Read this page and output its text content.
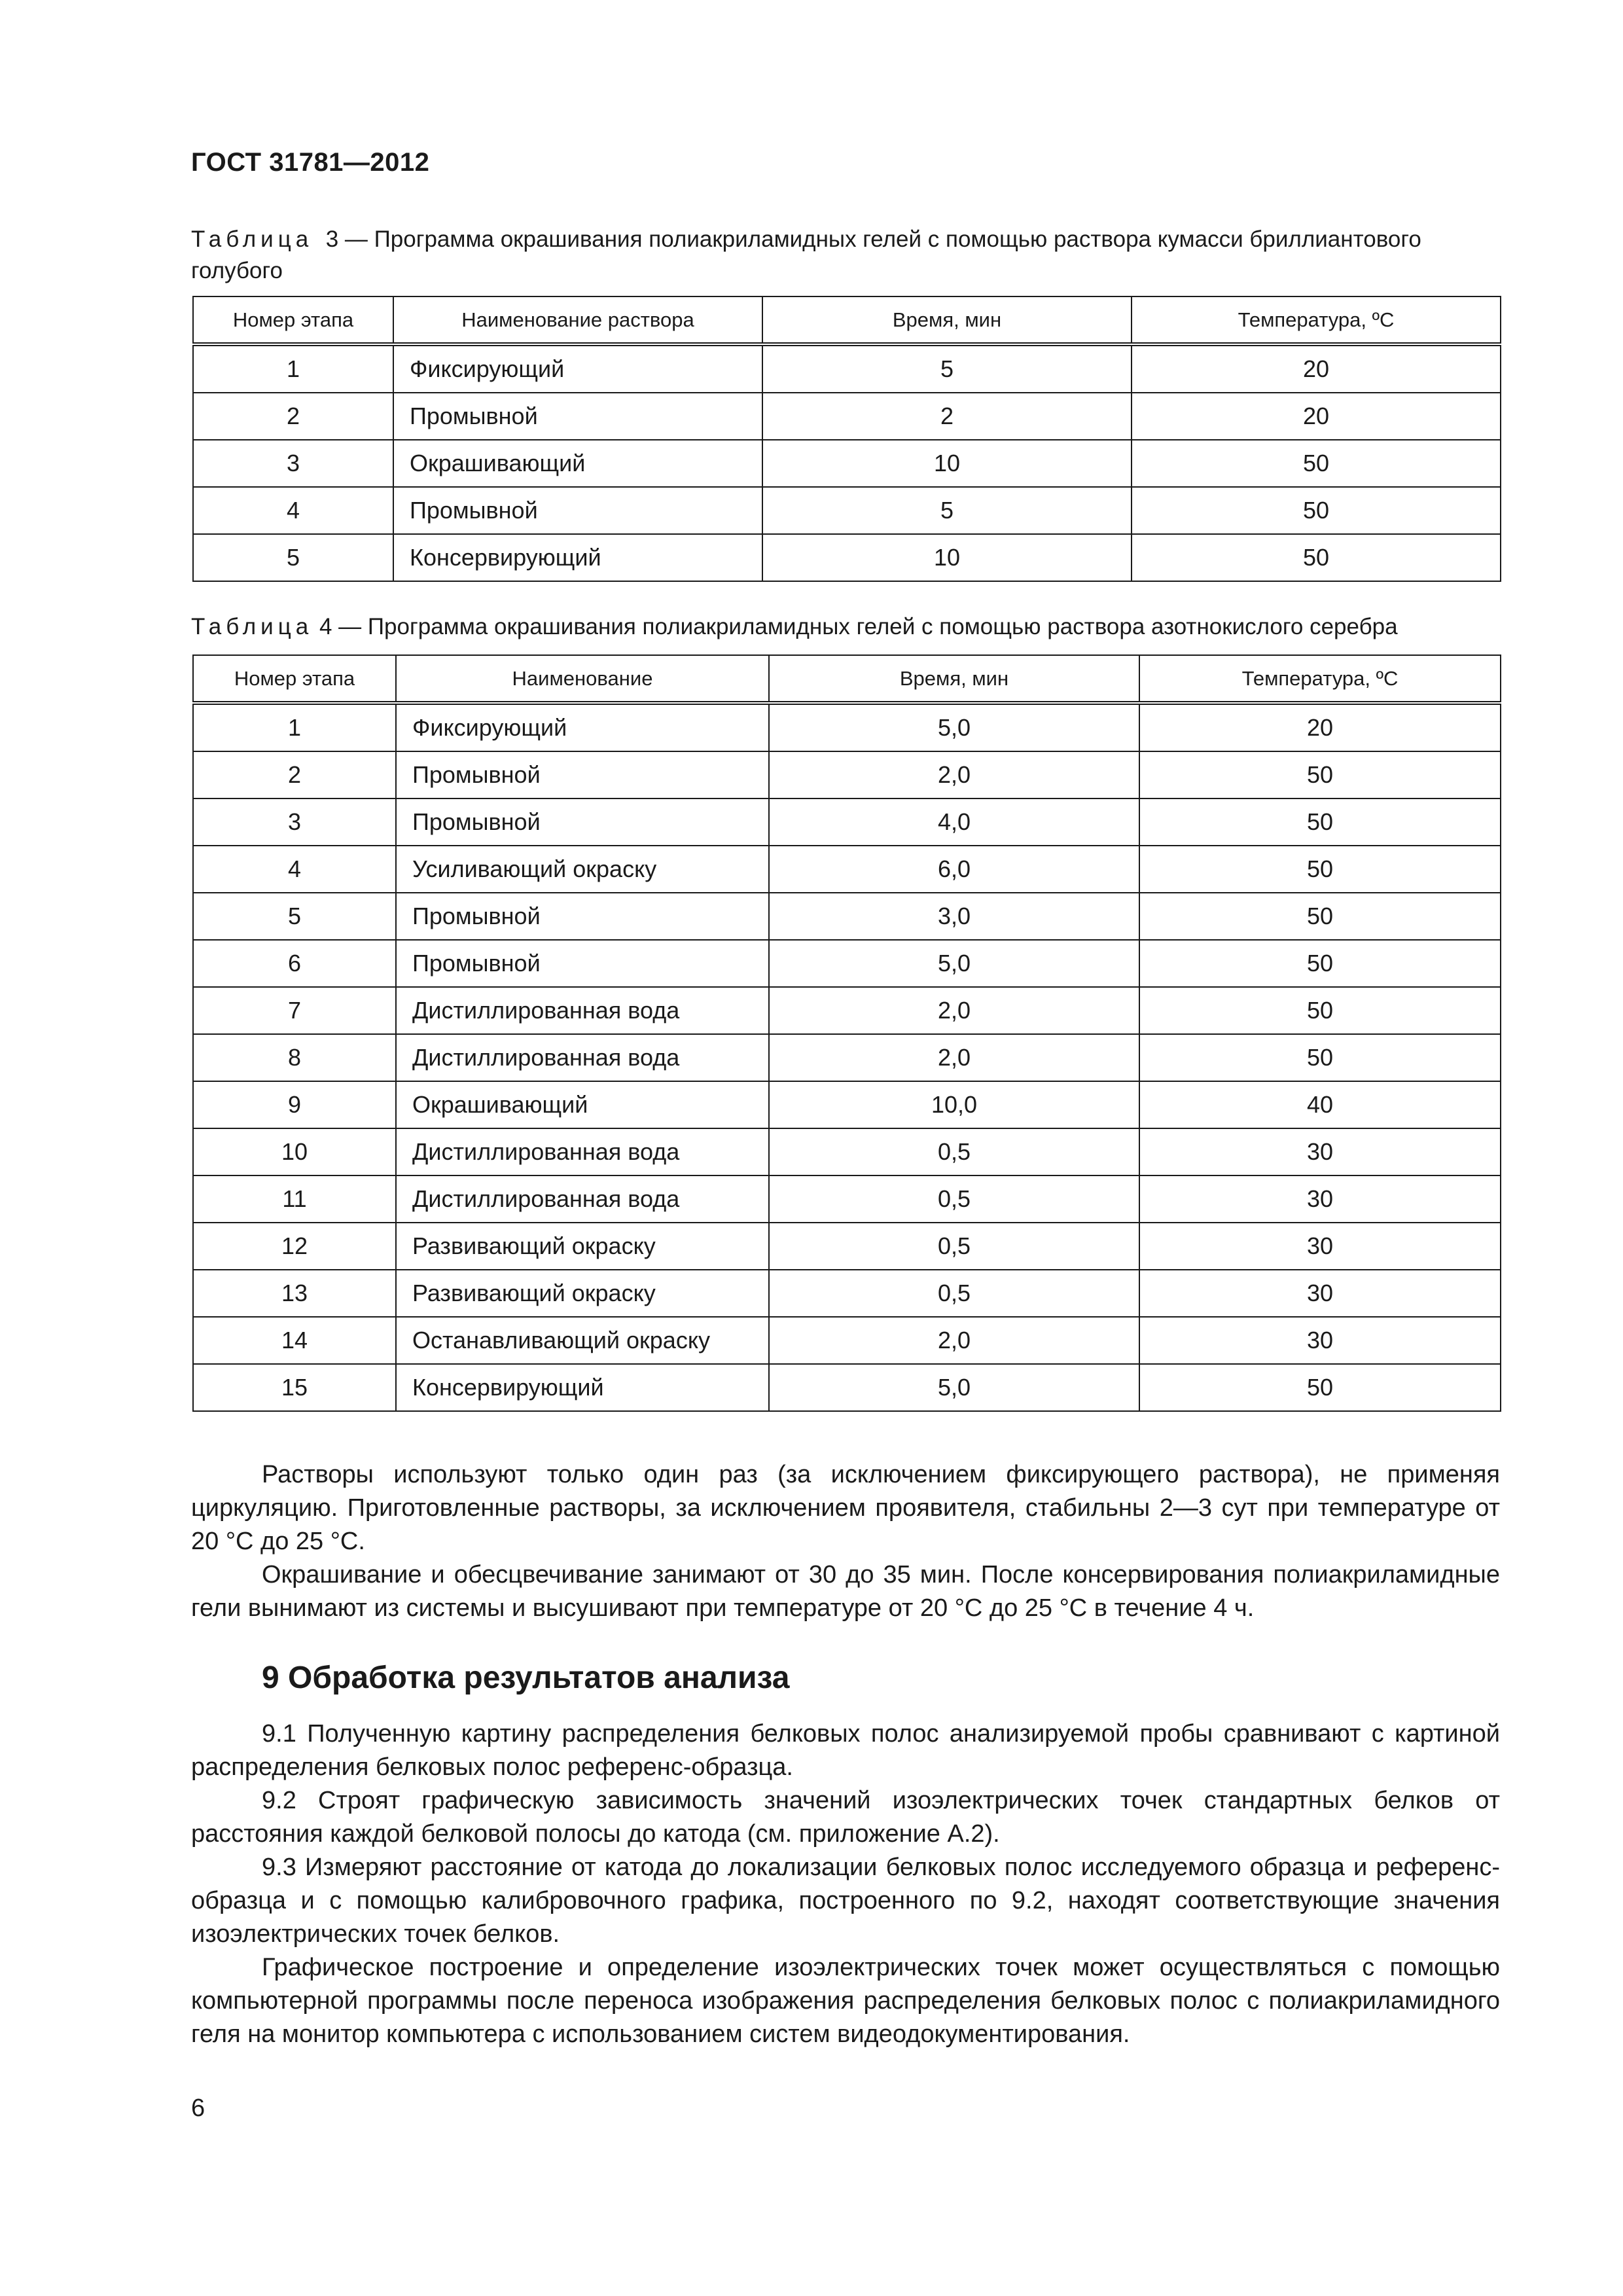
ГОСТ 31781—2012
Таблица 3 — Программа окрашивания полиакриламидных гелей с помощью раствора кумасси бриллиантового голубого
Номер этапа	Наименование раствора	Время, мин	Температура, ºС
1	Фиксирующий	5	20
2	Промывной	2	20
3	Окрашивающий	10	50
4	Промывной	5	50
5	Консервирующий	10	50
Таблица 4 — Программа окрашивания полиакриламидных гелей с помощью раствора азотнокислого серебра
Номер этапа	Наименование	Время, мин	Температура, ºС
1	Фиксирующий	5,0	20
2	Промывной	2,0	50
3	Промывной	4,0	50
4	Усиливающий окраску	6,0	50
5	Промывной	3,0	50
6	Промывной	5,0	50
7	Дистиллированная вода	2,0	50
8	Дистиллированная вода	2,0	50
9	Окрашивающий	10,0	40
10	Дистиллированная вода	0,5	30
11	Дистиллированная вода	0,5	30
12	Развивающий окраску	0,5	30
13	Развивающий окраску	0,5	30
14	Останавливающий окраску	2,0	30
15	Консервирующий	5,0	50

Растворы используют только один раз (за исключением фиксирующего раствора), не применяя циркуляцию. Приготовленные растворы, за исключением проявителя, стабильны 2—3 сут при температуре от 20 °С до 25 °С.

Окрашивание и обесцвечивание занимают от 30 до 35 мин. После консервирования полиакриламидные гели вынимают из системы и высушивают при температуре от 20 °С до 25 °С в течение 4 ч.

9 Обработка результатов анализа

9.1 Полученную картину распределения белковых полос анализируемой пробы сравнивают с картиной распределения белковых полос референс-образца.

9.2 Строят графическую зависимость значений изоэлектрических точек стандартных белков от расстояния каждой белковой полосы до катода (см. приложение А.2).

9.3 Измеряют расстояние от катода до локализации белковых полос исследуемого образца и референс-образца и с помощью калибровочного графика, построенного по 9.2, находят соответствующие значения изоэлектрических точек белков.

Графическое построение и определение изоэлектрических точек может осуществляться с помощью компьютерной программы после переноса изображения распределения белковых полос с полиакриламидного геля на монитор компьютера с использованием систем видеодокументирования.

6
